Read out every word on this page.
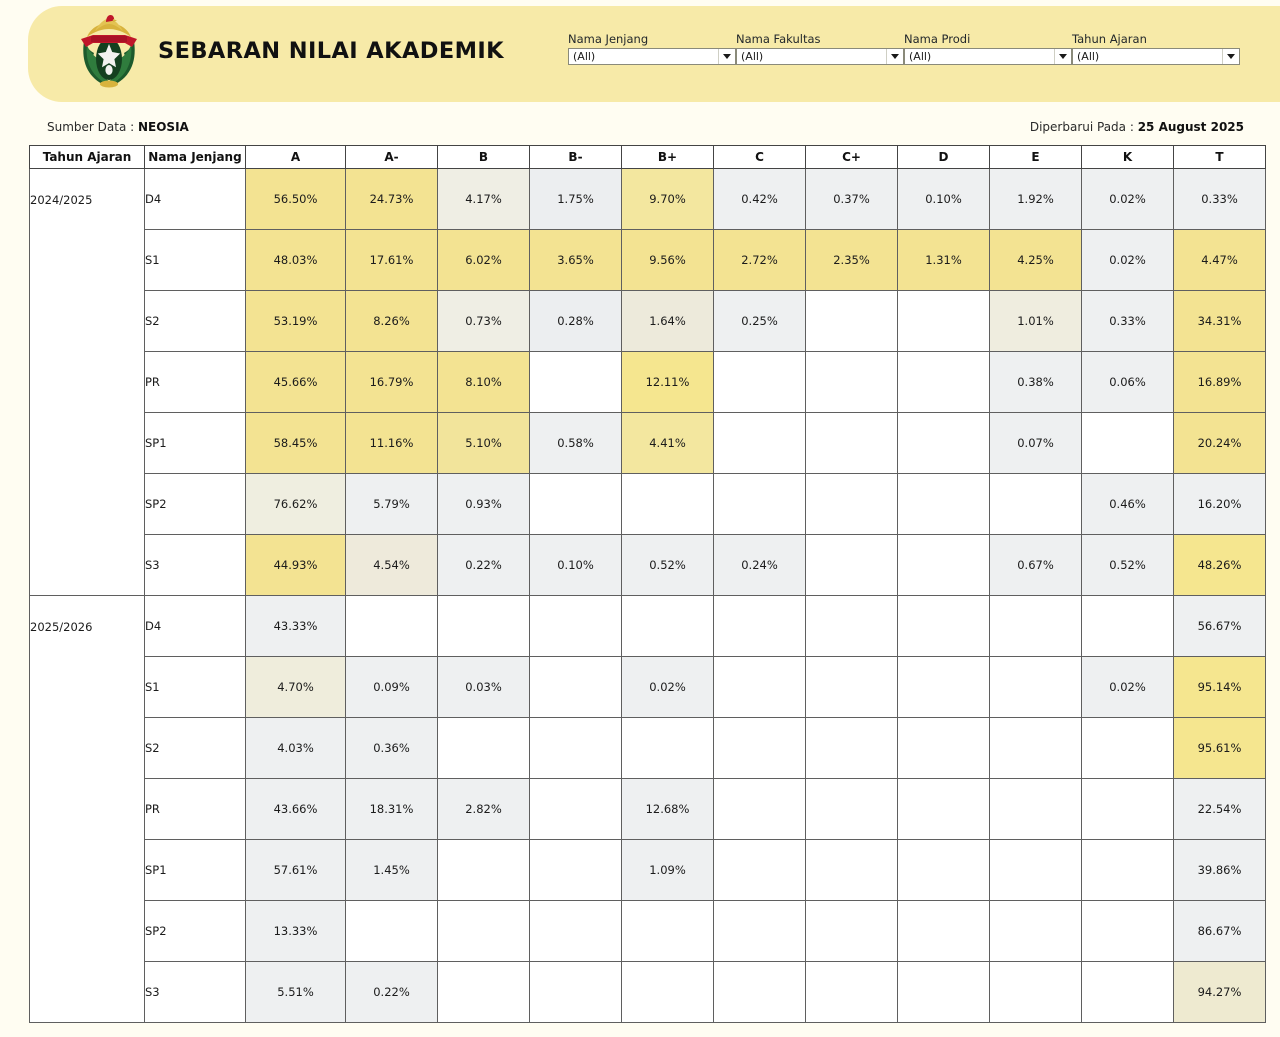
SEBARAN NILAI AKADEMIK	Nama Jenjang
(All)
Nama Fakultas
(All)
Nama Prodi
(All)
Tahun Ajaran
(All)
Sumber Data : NEOSIA	Diperbarui Pada : 25 August 2025
Tahun Ajaran	Nama Jenjang	A	A-	B	B-	B+	C	C+	D	E	K	T
2024/2025	D4	56.50%	24.73%	4.17%	1.75%	9.70%	0.42%	0.37%	0.10%	1.92%	0.02%	0.33%
	S1	48.03%	17.61%	6.02%	3.65%	9.56%	2.72%	2.35%	1.31%	4.25%	0.02%	4.47%
	S2	53.19%	8.26%	0.73%	0.28%	1.64%	0.25%			1.01%	0.33%	34.31%
	PR	45.66%	16.79%	8.10%		12.11%				0.38%	0.06%	16.89%
	SP1	58.45%	11.16%	5.10%	0.58%	4.41%				0.07%		20.24%
	SP2	76.62%	5.79%	0.93%							0.46%	16.20%
	S3	44.93%	4.54%	0.22%	0.10%	0.52%	0.24%			0.67%	0.52%	48.26%
2025/2026	D4	43.33%										56.67%
	S1	4.70%	0.09%	0.03%		0.02%					0.02%	95.14%
	S2	4.03%	0.36%									95.61%
	PR	43.66%	18.31%	2.82%		12.68%						22.54%
	SP1	57.61%	1.45%			1.09%						39.86%
	SP2	13.33%										86.67%
	S3	5.51%	0.22%									94.27%
